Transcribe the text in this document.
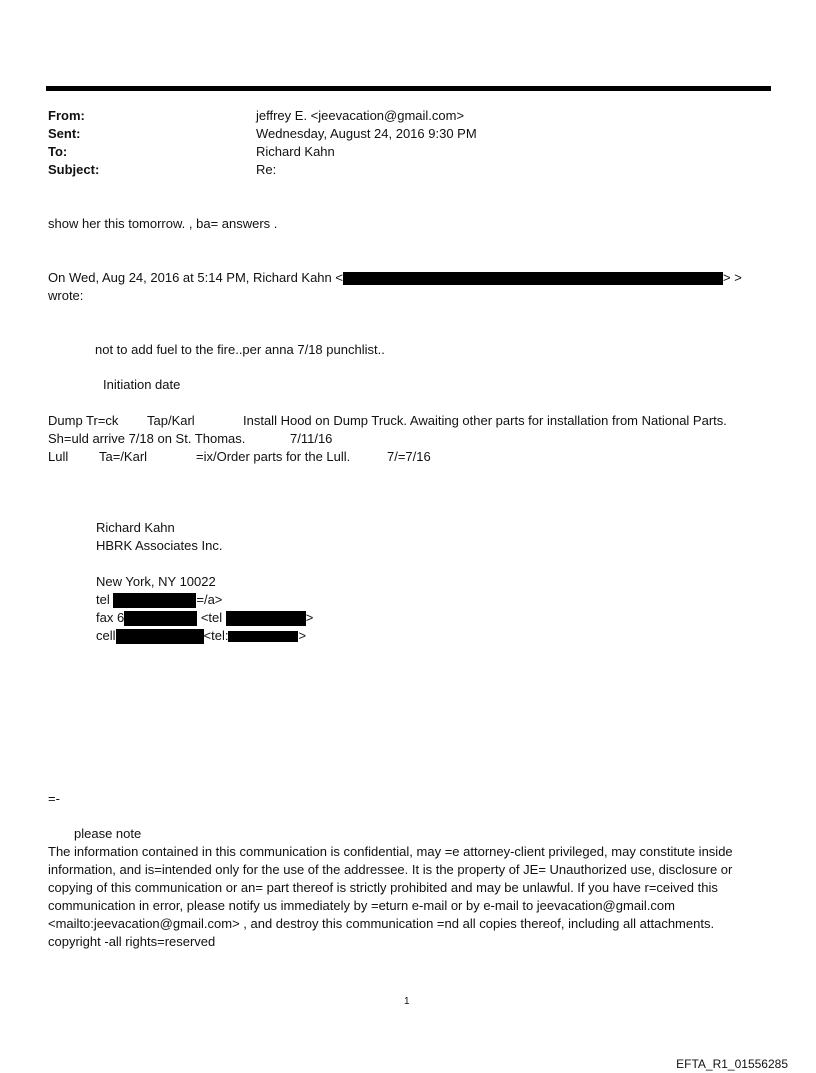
From:	jeffrey E. <jeevacation@gmail.com>
Sent:	Wednesday, August 24, 2016 9:30 PM
To:	Richard Kahn
Subject:	Re:
show her this tomorrow. , ba= answers .
On Wed, Aug 24, 2016 at 5:14 PM, Richard Kahn <	> >
wrote:
not to add fuel to the fire..per anna 7/18 punchlist..
Initiation date
Dump Tr=ck Tap/Karl	Install Hood on Dump Truck. Awaiting other parts for installation from National Parts.
Sh=uld arrive 7/18 on St. Thomas.	7/11/16
Lull Ta=/Karl	=ix/Order parts for the Lull.	7/=7/16
Richard Kahn
HBRK Associates Inc.
New York, NY 10022
tel	=/a>
fax 6	<tel	>
cell	<tel:	>
=-
please note
The information contained in this communication is confidential, may =e attorney-client privileged, may constitute inside information, and is=intended only for the use of the addressee. It is the property of JE= Unauthorized use, disclosure or copying of this communication or an= part thereof is strictly prohibited and may be unlawful. If you have r=ceived this communication in error, please notify us immediately by =eturn e-mail or by e-mail to jeevacation@gmail.com <mailto:jeevacation@gmail.com> , and destroy this communication =nd all copies thereof, including all attachments. copyright -all rights=reserved
1
EFTA_R1_01556285
